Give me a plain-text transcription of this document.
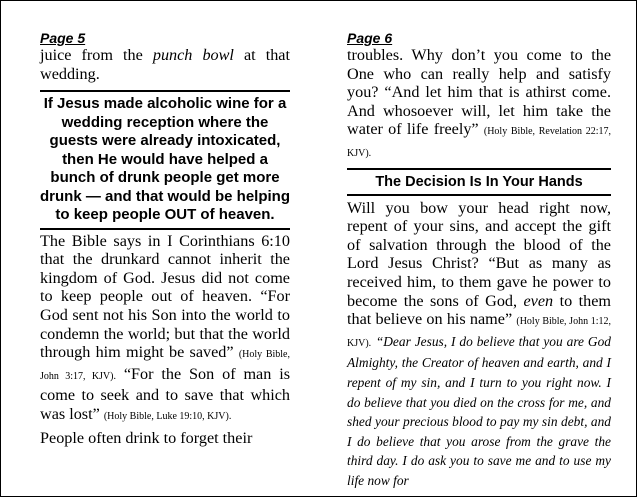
Page 5

juice from the punch bowl at that wedding.

If Jesus made alcoholic wine for a wedding reception where the guests were already intoxicated, then He would have helped a bunch of drunk people get more drunk — and that would be helping to keep people OUT of heaven.

The Bible says in I Corinthians 6:10 that the drunkard cannot inherit the kingdom of God. Jesus did not come to keep people out of heaven. “For God sent not his Son into the world to condemn the world; but that the world through him might be saved” (Holy Bible, John 3:17, KJV). “For the Son of man is come to seek and to save that which was lost” (Holy Bible, Luke 19:10, KJV).

People often drink to forget their

Page 6

troubles. Why don’t you come to the One who can really help and satisfy you? “And let him that is athirst come. And whosoever will, let him take the water of life freely” (Holy Bible, Revelation 22:17, KJV).

The Decision Is In Your Hands

Will you bow your head right now, repent of your sins, and accept the gift of salvation through the blood of the Lord Jesus Christ? “But as many as received him, to them gave he power to become the sons of God, even to them that believe on his name” (Holy Bible, John 1:12, KJV). “Dear Jesus, I do believe that you are God Almighty, the Creator of heaven and earth, and I repent of my sin, and I turn to you right now. I do believe that you died on the cross for me, and shed your precious blood to pay my sin debt, and I do believe that you arose from the grave the third day. I do ask you to save me and to use my life now for
